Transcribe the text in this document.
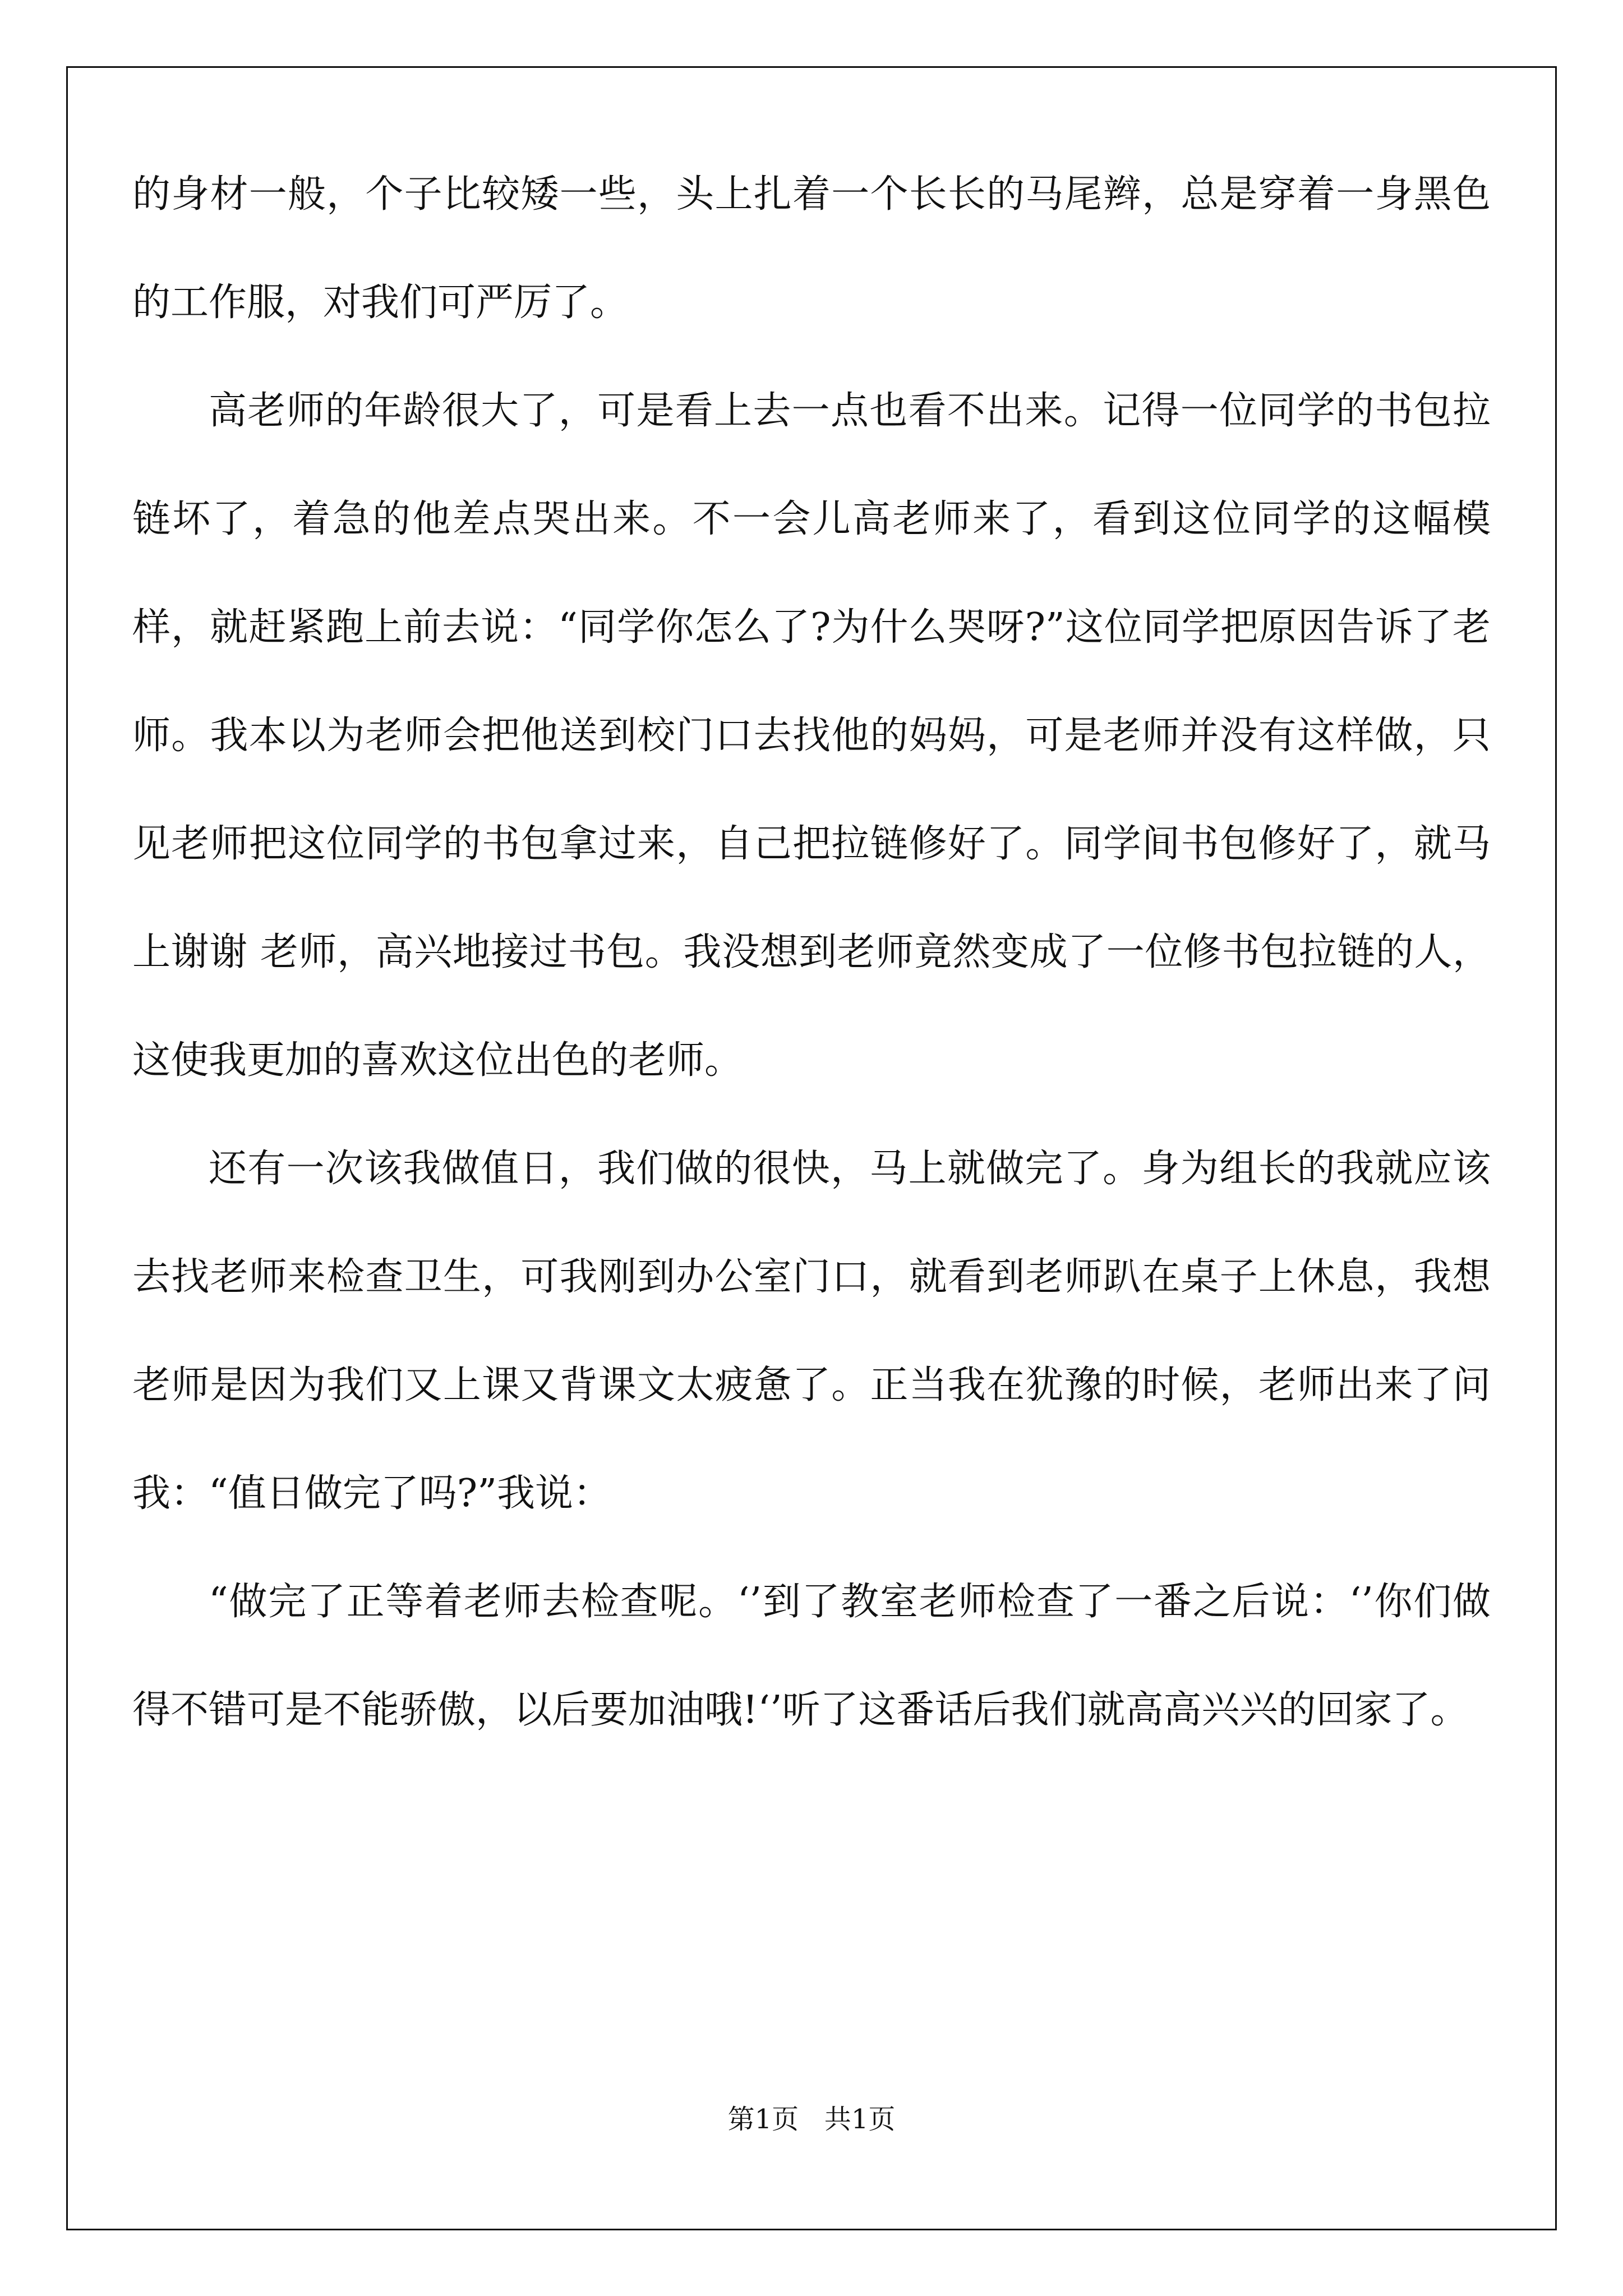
的身材一般，个子比较矮一些，头上扎着一个长长的马尾辫，总是穿着一身黑色的工作服，对我们可严厉了。

高老师的年龄很大了，可是看上去一点也看不出来。记得一位同学的书包拉链坏了，着急的他差点哭出来。不一会儿高老师来了，看到这位同学的这幅模样，就赶紧跑上前去说：“同学你怎么了?为什么哭呀?”这位同学把原因告诉了老师。我本以为老师会把他送到校门口去找他的妈妈，可是老师并没有这样做，只见老师把这位同学的书包拿过来，自己把拉链修好了。同学间书包修好了，就马上谢谢 老师，高兴地接过书包。我没想到老师竟然变成了一位修书包拉链的人，这使我更加的喜欢这位出色的老师。

还有一次该我做值日，我们做的很快，马上就做完了。身为组长的我就应该去找老师来检查卫生，可我刚到办公室门口，就看到老师趴在桌子上休息，我想老师是因为我们又上课又背课文太疲惫了。正当我在犹豫的时候，老师出来了问我：“值日做完了吗?”我说：

“做完了正等着老师去检查呢。‘’到了教室老师检查了一番之后说：‘’你们做得不错可是不能骄傲，以后要加油哦!‘’听了这番话后我们就高高兴兴的回家了。

第1页 共1页
